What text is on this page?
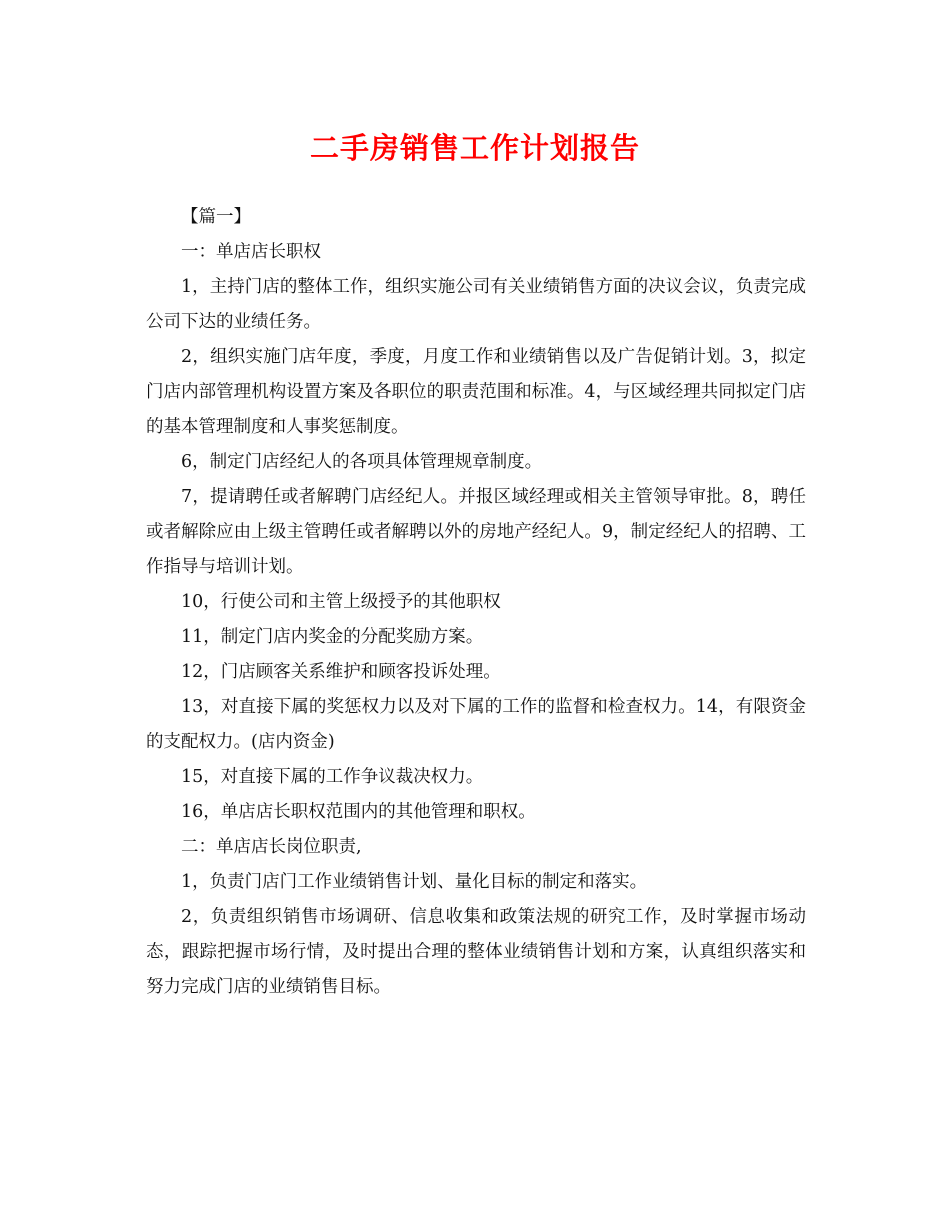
二手房销售工作计划报告

【篇一】

一：单店店长职权

1，主持门店的整体工作，组织实施公司有关业绩销售方面的决议会议，负责完成公司下达的业绩任务。

2，组织实施门店年度，季度，月度工作和业绩销售以及广告促销计划。3，拟定门店内部管理机构设置方案及各职位的职责范围和标准。4，与区域经理共同拟定门店的基本管理制度和人事奖惩制度。

6，制定门店经纪人的各项具体管理规章制度。

7，提请聘任或者解聘门店经纪人。并报区域经理或相关主管领导审批。8，聘任或者解除应由上级主管聘任或者解聘以外的房地产经纪人。9，制定经纪人的招聘、工作指导与培训计划。

10，行使公司和主管上级授予的其他职权

11，制定门店内奖金的分配奖励方案。

12，门店顾客关系维护和顾客投诉处理。

13，对直接下属的奖惩权力以及对下属的工作的监督和检查权力。14，有限资金的支配权力。(店内资金)

15，对直接下属的工作争议裁决权力。

16，单店店长职权范围内的其他管理和职权。

二：单店店长岗位职责,

1，负责门店门工作业绩销售计划、量化目标的制定和落实。

2，负责组织销售市场调研、信息收集和政策法规的研究工作，及时掌握市场动态，跟踪把握市场行情，及时提出合理的整体业绩销售计划和方案，认真组织落实和努力完成门店的业绩销售目标。
